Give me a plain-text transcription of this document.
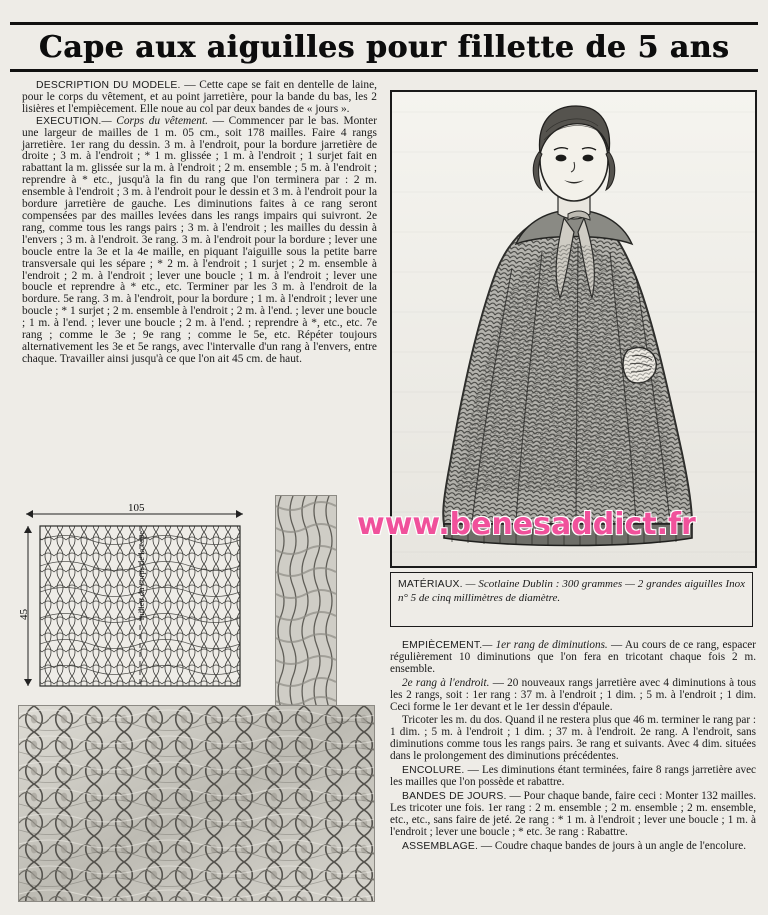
Cape aux aiguilles pour fillette de 5 ans

DESCRIPTION DU MODELE. — Cette cape se fait en dentelle de laine, pour le corps du vêtement, et au point jarretière, pour la bande du bas, les 2 lisières et l'empiècement. Elle noue au col par deux bandes de « jours ».

EXECUTION.— Corps du vêtement. — Commencer par le bas. Monter une largeur de mailles de 1 m. 05 cm., soit 178 mailles. Faire 4 rangs jarretière. 1er rang du dessin. 3 m. à l'endroit, pour la bordure jarretière de droite ; 3 m. à l'endroit ; * 1 m. glissée ; 1 m. à l'endroit ; 1 surjet fait en rabattant la m. glissée sur la m. à l'endroit ; 2 m. ensemble ; 5 m. à l'endroit ; reprendre à * etc., jusqu'à la fin du rang que l'on terminera par : 2 m. ensemble à l'endroit ; 3 m. à l'endroit pour le dessin et 3 m. à l'endroit pour la bordure jarretière de gauche. Les diminutions faites à ce rang seront compensées par des mailles levées dans les rangs impairs qui suivront. 2e rang, comme tous les rangs pairs ; 3 m. à l'endroit ; les mailles du dessin à l'envers ; 3 m. à l'endroit. 3e rang. 3 m. à l'endroit pour la bordure ; lever une boucle entre la 3e et la 4e maille, en piquant l'aiguille sous la petite barre transversale qui les sépare ; * 2 m. à l'endroit ; 1 surjet ; 2 m. ensemble à l'endroit ; 2 m. à l'endroit ; lever une boucle ; 1 m. à l'endroit ; lever une boucle et reprendre à * etc., etc. Terminer par les 3 m. à l'endroit de la bordure. 5e rang. 3 m. à l'endroit, pour la bordure ; 1 m. à l'endroit ; lever une boucle ; * 1 surjet ; 2 m. ensemble à l'endroit ; 2 m. à l'end. ; lever une boucle ; 1 m. à l'end. ; lever une boucle ; 2 m. à l'end. ; reprendre à *, etc., etc. 7e rang ; comme le 3e ; 9e rang ; comme le 5e, etc. Répéter toujours alternativement les 3e et 5e rangs, avec l'intervalle d'un rang à l'envers, entre chaque. Travailler ainsi jusqu'à ce que l'on ait 45 cm. de haut.

www.benesaddict.fr
MATÉRIAUX. — Scotlaine Dublin : 300 grammes — 2 grandes aiguilles Inox n° 5 de cinq millimètres de diamètre.

EMPIÈCEMENT.— 1er rang de diminutions. — Au cours de ce rang, espacer régulièrement 10 diminutions que l'on fera en tricotant chaque fois 2 m. ensemble.

2e rang à l'endroit. — 20 nouveaux rangs jarretière avec 4 diminutions à tous les 2 rangs, soit : 1er rang : 37 m. à l'endroit ; 1 dim. ; 5 m. à l'endroit ; 1 dim. Ceci forme le 1er devant et le 1er dessin d'épaule.

Tricoter les m. du dos. Quand il ne restera plus que 46 m. terminer le rang par : 1 dim. ; 5 m. à l'endroit ; 1 dim. ; 37 m. à l'endroit. 2e rang. A l'endroit, sans diminutions comme tous les rangs pairs. 3e rang et suivants. Avec 4 dim. situées dans le prolongement des diminutions précédentes.

ENCOLURE. — Les diminutions étant terminées, faire 8 rangs jarretière avec les mailles que l'on possède et rabattre.

BANDES DE JOURS. — Pour chaque bande, faire ceci : Monter 132 mailles. Les tricoter une fois. 1er rang : 2 m. ensemble ; 2 m. ensemble ; 2 m. ensemble, etc., etc., sans faire de jeté. 2e rang : * 1 m. à l'endroit ; lever une boucle ; 1 m. à l'endroit ; lever une boucle ; * etc. 3e rang : Rabattre.

ASSEMBLAGE. — Coudre chaque bandes de jours à un angle de l'encolure.

105
45	milieu du corps de la cape
